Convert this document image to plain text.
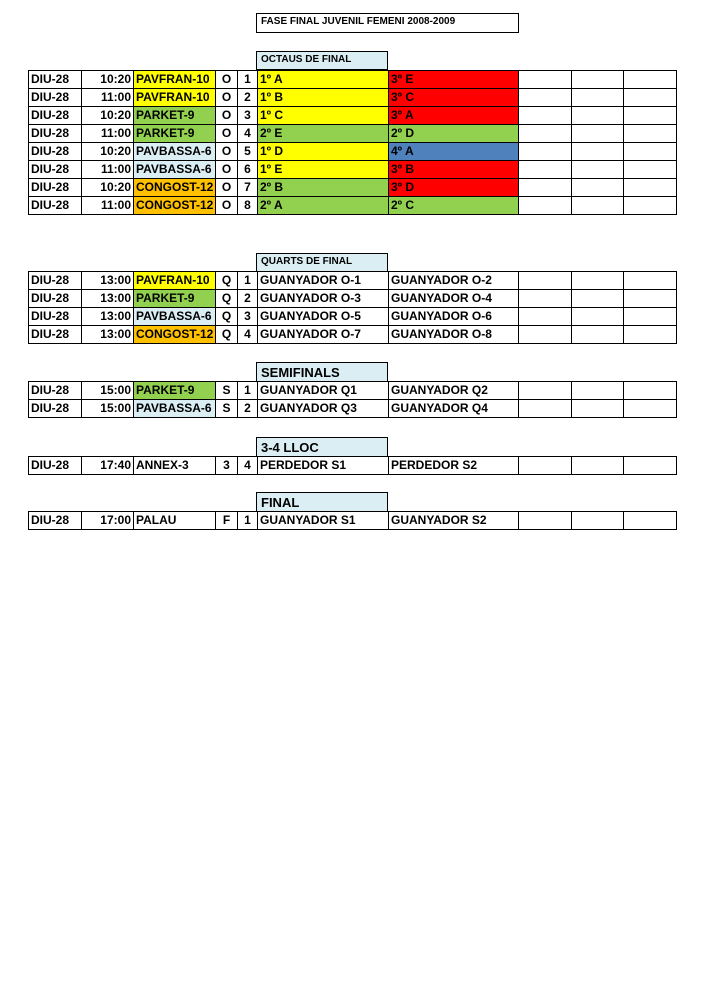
FASE FINAL JUVENIL FEMENI 2008-2009
OCTAUS DE FINAL
QUARTS DE FINAL
SEMIFINALS
3-4 LLOC
FINAL
DIU-28	10:20	PAVFRAN-10	O	1	1º A	3º E			
DIU-28	11:00	PAVFRAN-10	O	2	1º B	3º C			
DIU-28	10:20	PARKET-9	O	3	1º C	3º A			
DIU-28	11:00	PARKET-9	O	4	2º E	2º D			
DIU-28	10:20	PAVBASSA-6	O	5	1º D	4º A			
DIU-28	11:00	PAVBASSA-6	O	6	1º E	3º B			
DIU-28	10:20	CONGOST-12	O	7	2º B	3º D			
DIU-28	11:00	CONGOST-12	O	8	2º A	2º C			
DIU-28	13:00	PAVFRAN-10	Q	1	GUANYADOR O-1	GUANYADOR O-2			
DIU-28	13:00	PARKET-9	Q	2	GUANYADOR O-3	GUANYADOR O-4			
DIU-28	13:00	PAVBASSA-6	Q	3	GUANYADOR O-5	GUANYADOR O-6			
DIU-28	13:00	CONGOST-12	Q	4	GUANYADOR O-7	GUANYADOR O-8			
DIU-28	15:00	PARKET-9	S	1	GUANYADOR Q1	GUANYADOR Q2			
DIU-28	15:00	PAVBASSA-6	S	2	GUANYADOR Q3	GUANYADOR Q4			
DIU-28	17:40	ANNEX-3	3	4	PERDEDOR S1	PERDEDOR S2			
DIU-28	17:00	PALAU	F	1	GUANYADOR S1	GUANYADOR S2			
